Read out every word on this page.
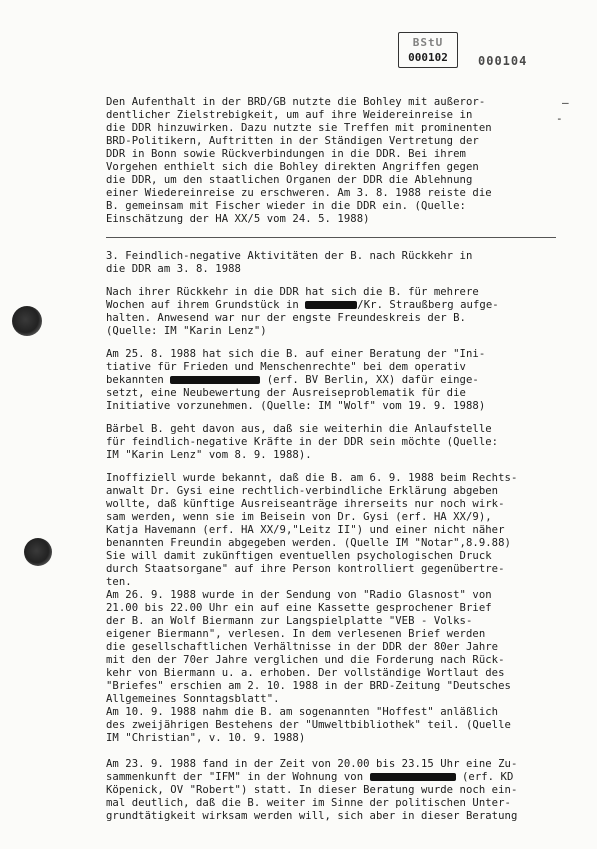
BStU
000102	000104
—
-
Den Aufenthalt in der BRD/GB nutzte die Bohley mit außeror-
dentlicher Zielstrebigkeit, um auf ihre Weidereinreise in
die DDR hinzuwirken. Dazu nutzte sie Treffen mit prominenten
BRD-Politikern, Auftritten in der Ständigen Vertretung der
DDR in Bonn sowie Rückverbindungen in die DDR. Bei ihrem
Vorgehen enthielt sich die Bohley direkten Angriffen gegen
die DDR, um den staatlichen Organen der DDR die Ablehnung
einer Wiedereinreise zu erschweren. Am 3. 8. 1988 reiste die
B. gemeinsam mit Fischer wieder in die DDR ein. (Quelle:
Einschätzung der HA XX/5 vom 24. 5. 1988)
3. Feindlich-negative Aktivitäten der B. nach Rückkehr in
die DDR am 3. 8. 1988
Nach ihrer Rückkehr in die DDR hat sich die B. für mehrere
Wochen auf ihrem Grundstück in	/Kr. Straußberg aufge-
halten. Anwesend war nur der engste Freundeskreis der B.
(Quelle: IM "Karin Lenz")
Am 25. 8. 1988 hat sich die B. auf einer Beratung der "Ini-
tiative für Frieden und Menschenrechte" bei dem operativ
bekannten	(erf. BV Berlin, XX) dafür einge-
setzt, eine Neubewertung der Ausreiseproblematik für die
Initiative vorzunehmen. (Quelle: IM "Wolf" vom 19. 9. 1988)
Bärbel B. geht davon aus, daß sie weiterhin die Anlaufstelle
für feindlich-negative Kräfte in der DDR sein möchte (Quelle:
IM "Karin Lenz" vom 8. 9. 1988).
Inoffiziell wurde bekannt, daß die B. am 6. 9. 1988 beim Rechts-
anwalt Dr. Gysi eine rechtlich-verbindliche Erklärung abgeben
wollte, daß künftige Ausreiseanträge ihrerseits nur noch wirk-
sam werden, wenn sie im Beisein von Dr. Gysi (erf. HA XX/9),
Katja Havemann (erf. HA XX/9,"Leitz II") und einer nicht näher
benannten Freundin abgegeben werden. (Quelle IM "Notar",8.9.88)
Sie will damit zukünftigen eventuellen psychologischen Druck
durch Staatsorgane" auf ihre Person kontrolliert gegenübertre-
ten.
Am 26. 9. 1988 wurde in der Sendung von "Radio Glasnost" von
21.00 bis 22.00 Uhr ein auf eine Kassette gesprochener Brief
der B. an Wolf Biermann zur Langspielplatte "VEB - Volks-
eigener Biermann", verlesen. In dem verlesenen Brief werden
die gesellschaftlichen Verhältnisse in der DDR der 80er Jahre
mit den der 70er Jahre verglichen und die Forderung nach Rück-
kehr von Biermann u. a. erhoben. Der vollständige Wortlaut des
"Briefes" erschien am 2. 10. 1988 in der BRD-Zeitung "Deutsches
Allgemeines Sonntagsblatt".
Am 10. 9. 1988 nahm die B. am sogenannten "Hoffest" anläßlich
des zweijährigen Bestehens der "Umweltbibliothek" teil. (Quelle
IM "Christian", v. 10. 9. 1988)
Am 23. 9. 1988 fand in der Zeit von 20.00 bis 23.15 Uhr eine Zu-
sammenkunft der "IFM" in der Wohnung von	(erf. KD
Köpenick, OV "Robert") statt. In dieser Beratung wurde noch ein-
mal deutlich, daß die B. weiter im Sinne der politischen Unter-
grundtätigkeit wirksam werden will, sich aber in dieser Beratung
